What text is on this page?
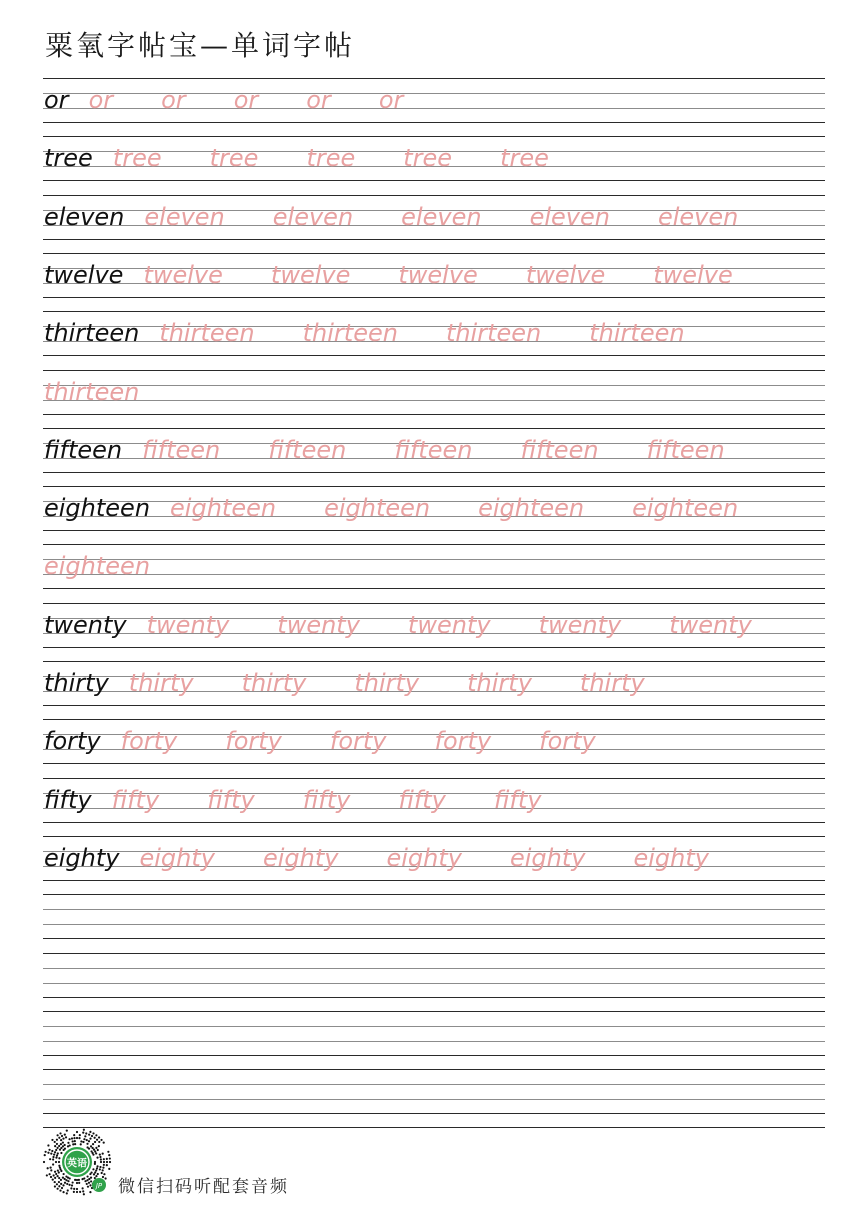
粟氧字帖宝—单词字帖
or or or or or or
tree tree tree tree tree tree
eleven eleven eleven eleven eleven eleven
twelve twelve twelve twelve twelve twelve
thirteen thirteen thirteen thirteen thirteen
thirteen
fifteen fifteen fifteen fifteen fifteen fifteen
eighteen eighteen eighteen eighteen eighteen
eighteen
twenty twenty twenty twenty twenty twenty
thirty thirty thirty thirty thirty thirty
forty forty forty forty forty forty
fifty fifty fifty fifty fifty fifty
eighty eighty eighty eighty eighty eighty
英语
JP 微信扫码听配套音频
